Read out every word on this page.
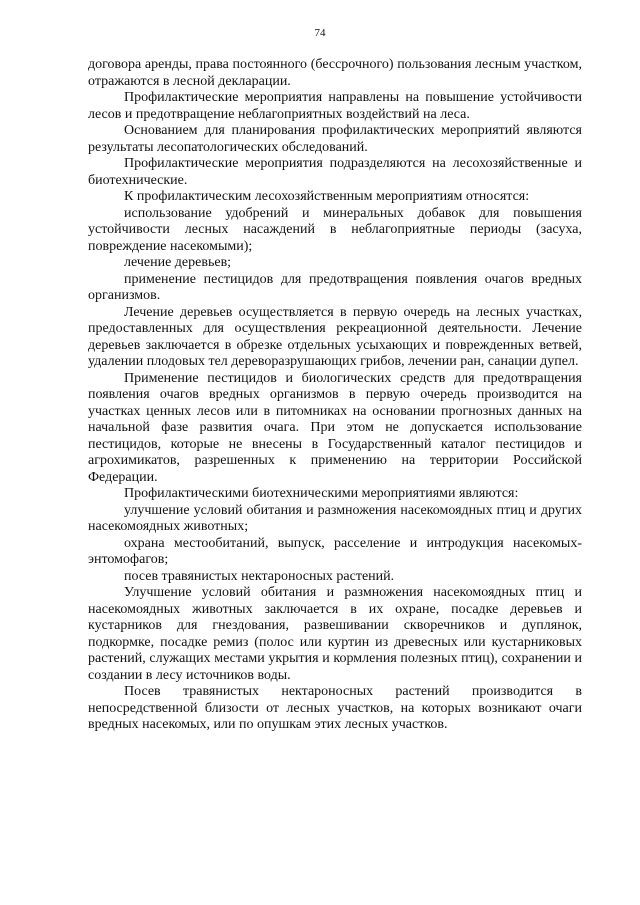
74

договора аренды, права постоянного (бессрочного) пользования лесным участком, отражаются в лесной декларации.

Профилактические мероприятия направлены на повышение устойчивости лесов и предотвращение неблагоприятных воздействий на леса.

Основанием для планирования профилактических мероприятий являются результаты лесопатологических обследований.

Профилактические мероприятия подразделяются на лесохозяйственные и биотехнические.

К профилактическим лесохозяйственным мероприятиям относятся:

использование удобрений и минеральных добавок для повышения устойчивости лесных насаждений в неблагоприятные периоды (засуха, повреждение насекомыми);

лечение деревьев;

применение пестицидов для предотвращения появления очагов вредных организмов.

Лечение деревьев осуществляется в первую очередь на лесных участках, предоставленных для осуществления рекреационной деятельности. Лечение деревьев заключается в обрезке отдельных усыхающих и поврежденных ветвей, удалении плодовых тел дереворазрушающих грибов, лечении ран, санации дупел.

Применение пестицидов и биологических средств для предотвращения появления очагов вредных организмов в первую очередь производится на участках ценных лесов или в питомниках на основании прогнозных данных на начальной фазе развития очага. При этом не допускается использование пестицидов, которые не внесены в Государственный каталог пестицидов и агрохимикатов, разрешенных к применению на территории Российской Федерации.

Профилактическими биотехническими мероприятиями являются:

улучшение условий обитания и размножения насекомоядных птиц и других насекомоядных животных;

охрана местообитаний, выпуск, расселение и интродукция насекомых-энтомофагов;

посев травянистых нектароносных растений.

Улучшение условий обитания и размножения насекомоядных птиц и насекомоядных животных заключается в их охране, посадке деревьев и кустарников для гнездования, развешивании скворечников и дуплянок, подкормке, посадке ремиз (полос или куртин из древесных или кустарниковых растений, служащих местами укрытия и кормления полезных птиц), сохранении и создании в лесу источников воды.

Посев травянистых нектароносных растений производится в непосредственной близости от лесных участков, на которых возникают очаги вредных насекомых, или по опушкам этих лесных участков.
